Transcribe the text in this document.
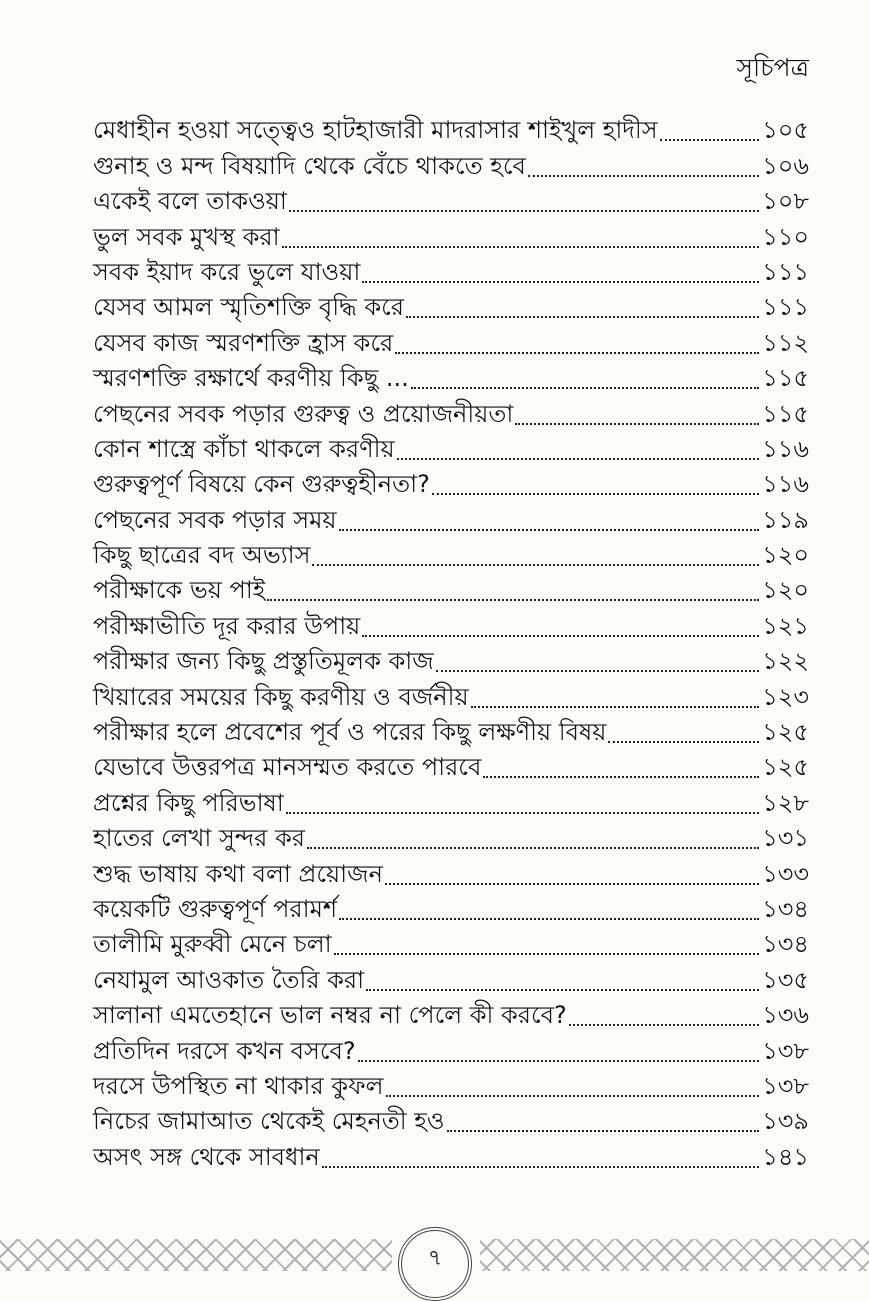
সূচিপত্র
মেধাহীন হওয়া সত্ত্বেও হাটহাজারী মাদরাসার শাইখুল হাদীস	১০৫
গুনাহ ও মন্দ বিষয়াদি থেকে বেঁচে থাকতে হবে	১০৬
একেই বলে তাকওয়া	১০৮
ভুল সবক মুখস্থ করা	১১০
সবক ইয়াদ করে ভুলে যাওয়া	১১১
যেসব আমল স্মৃতিশক্তি বৃদ্ধি করে	১১১
যেসব কাজ স্মরণশক্তি হ্রাস করে	১১২
স্মরণশক্তি রক্ষার্থে করণীয় কিছু ...	১১৫
পেছনের সবক পড়ার গুরুত্ব ও প্রয়োজনীয়তা	১১৫
কোন শাস্ত্রে কাঁচা থাকলে করণীয়	১১৬
গুরুত্বপূর্ণ বিষয়ে কেন গুরুত্বহীনতা?	১১৬
পেছনের সবক পড়ার সময়	১১৯
কিছু ছাত্রের বদ অভ্যাস	১২০
পরীক্ষাকে ভয় পাই	১২০
পরীক্ষাভীতি দূর করার উপায়	১২১
পরীক্ষার জন্য কিছু প্রস্তুতিমূলক কাজ	১২২
খিয়ারের সময়ের কিছু করণীয় ও বর্জনীয়	১২৩
পরীক্ষার হলে প্রবেশের পূর্ব ও পরের কিছু লক্ষণীয় বিষয়	১২৫
যেভাবে উত্তরপত্র মানসম্মত করতে পারবে	১২৫
প্রশ্নের কিছু পরিভাষা	১২৮
হাতের লেখা সুন্দর কর	১৩১
শুদ্ধ ভাষায় কথা বলা প্রয়োজন	১৩৩
কয়েকটি গুরুত্বপূর্ণ পরামর্শ	১৩৪
তালীমি মুরুব্বী মেনে চলা	১৩৪
নেযামুল আওকাত তৈরি করা	১৩৫
সালানা এমতেহানে ভাল নম্বর না পেলে কী করবে?	১৩৬
প্রতিদিন দরসে কখন বসবে?	১৩৮
দরসে উপস্থিত না থাকার কুফল	১৩৮
নিচের জামাআত থেকেই মেহনতী হও	১৩৯
অসৎ সঙ্গ থেকে সাবধান	১৪১
৭
